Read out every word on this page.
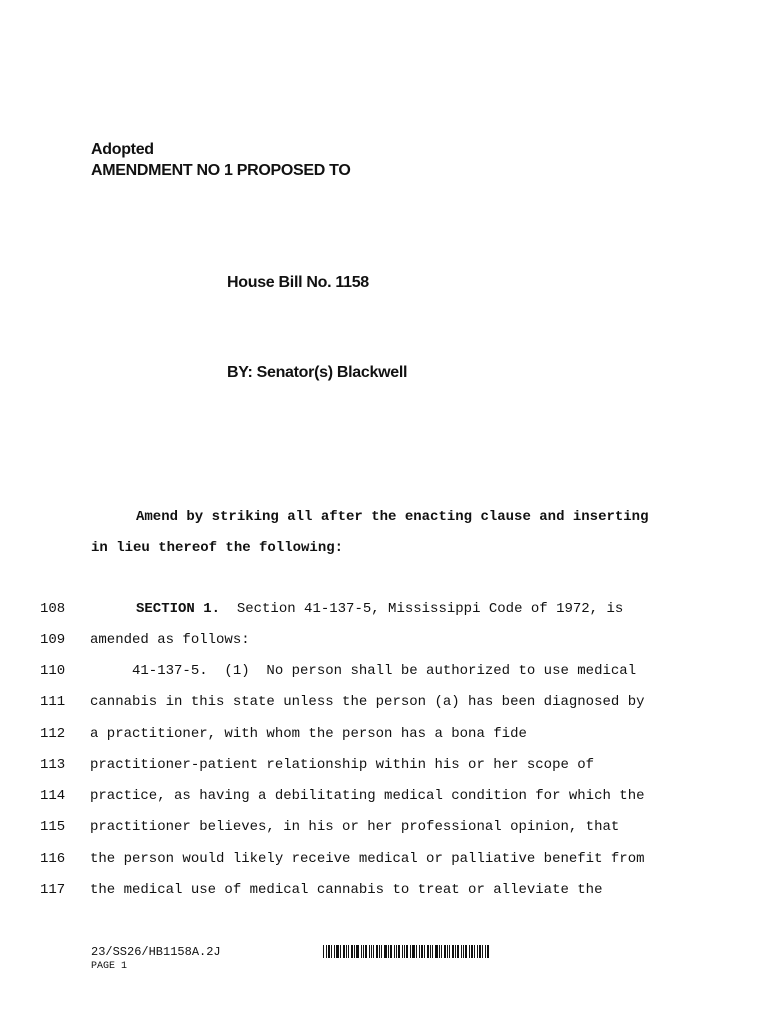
Adopted
AMENDMENT NO 1 PROPOSED TO
House Bill No. 1158
BY: Senator(s) Blackwell
Amend by striking all after the enacting clause and inserting
in lieu thereof the following:
108	SECTION 1. Section 41-137-5, Mississippi Code of 1972, is
109	amended as follows:
110	41-137-5.  (1)  No person shall be authorized to use medical
111	cannabis in this state unless the person (a) has been diagnosed by
112	a practitioner, with whom the person has a bona fide
113	practitioner-patient relationship within his or her scope of
114	practice, as having a debilitating medical condition for which the
115	practitioner believes, in his or her professional opinion, that
116	the person would likely receive medical or palliative benefit from
117	the medical use of medical cannabis to treat or alleviate the
23/SS26/HB1158A.2J
PAGE 1
